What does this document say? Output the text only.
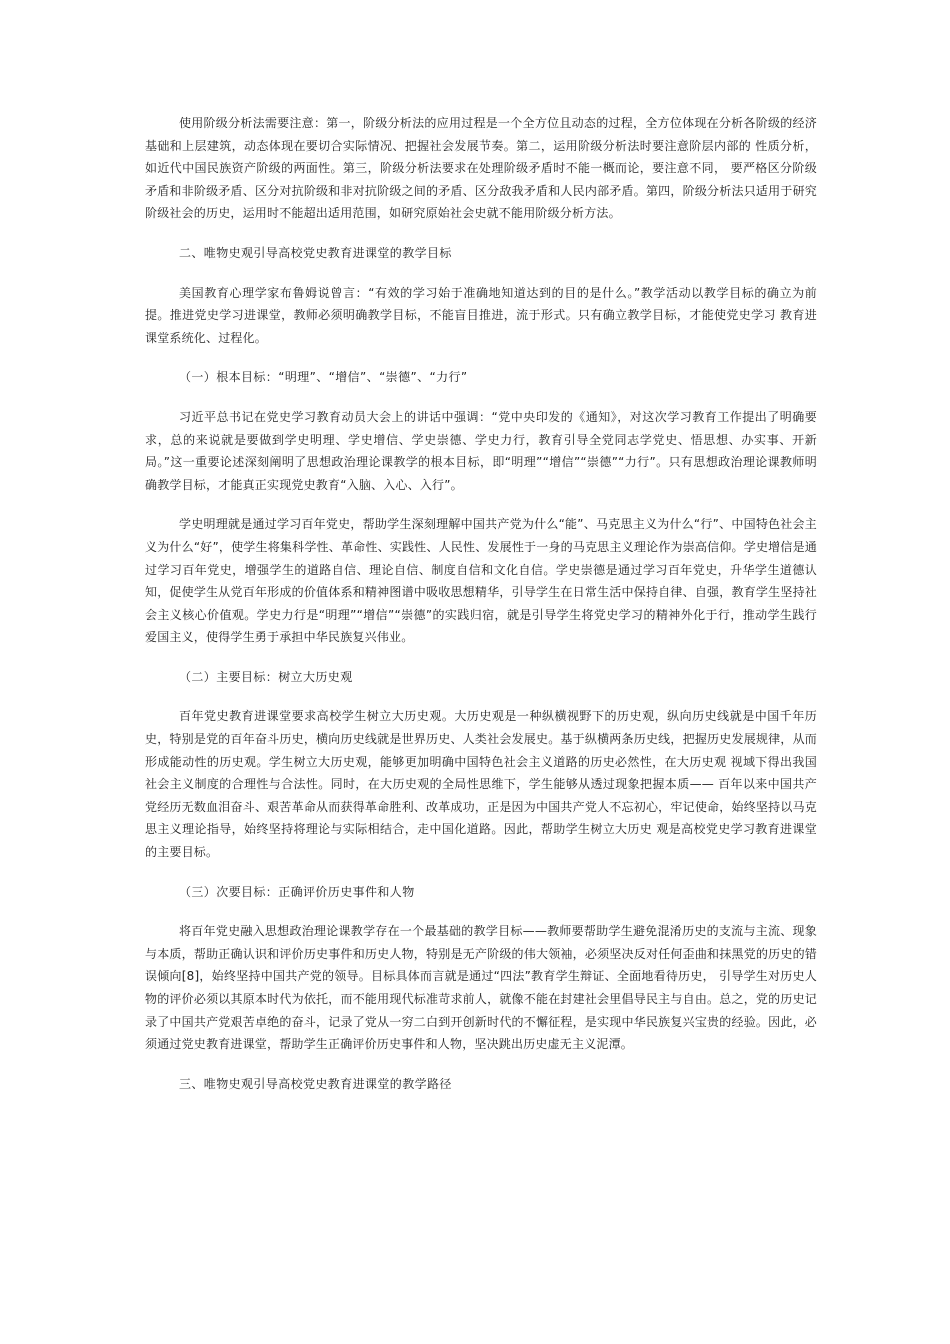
使用阶级分析法需要注意：第一，阶级分析法的应用过程是一个全方位且动态的过程，全方位体现在分析各阶级的经济基础和上层建筑，动态体现在要切合实际情况、把握社会发展节奏。第二，运用阶级分析法时要注意阶层内部的 性质分析，如近代中国民族资产阶级的两面性。第三，阶级分析法要求在处理阶级矛盾时不能一概而论，要注意不同， 要严格区分阶级矛盾和非阶级矛盾、区分对抗阶级和非对抗阶级之间的矛盾、区分敌我矛盾和人民内部矛盾。第四，阶级分析法只适用于研究阶级社会的历史，运用时不能超出适用范围，如研究原始社会史就不能用阶级分析方法。

二、唯物史观引导高校党史教育进课堂的教学目标

美国教育心理学家布鲁姆说曾言：“有效的学习始于准确地知道达到的目的是什么。”教学活动以教学目标的确立为前提。推进党史学习进课堂，教师必须明确教学目标，不能盲目推进，流于形式。只有确立教学目标，才能使党史学习 教育进课堂系统化、过程化。

（一）根本目标：“明理”、“增信”、“崇德”、“力行”

习近平总书记在党史学习教育动员大会上的讲话中强调：“党中央印发的《通知》，对这次学习教育工作提出了明确要求，总的来说就是要做到学史明理、学史增信、学史崇德、学史力行，教育引导全党同志学党史、悟思想、办实事、开新局。”这一重要论述深刻阐明了思想政治理论课教学的根本目标，即“明理”“增信”“崇德”“力行”。只有思想政治理论课教师明确教学目标，才能真正实现党史教育“入脑、入心、入行”。

学史明理就是通过学习百年党史，帮助学生深刻理解中国共产党为什么“能”、马克思主义为什么“行”、中国特色社会主义为什么“好”，使学生将集科学性、革命性、实践性、人民性、发展性于一身的马克思主义理论作为崇高信仰。学史增信是通过学习百年党史，增强学生的道路自信、理论自信、制度自信和文化自信。学史崇德是通过学习百年党史，升华学生道德认知，促使学生从党百年形成的价值体系和精神图谱中吸收思想精华，引导学生在日常生活中保持自律、自强，教育学生坚持社会主义核心价值观。学史力行是“明理”“增信”“崇德”的实践归宿，就是引导学生将党史学习的精神外化于行，推动学生践行爱国主义，使得学生勇于承担中华民族复兴伟业。

（二）主要目标：树立大历史观

百年党史教育进课堂要求高校学生树立大历史观。大历史观是一种纵横视野下的历史观，纵向历史线就是中国千年历史，特别是党的百年奋斗历史，横向历史线就是世界历史、人类社会发展史。基于纵横两条历史线，把握历史发展规律，从而形成能动性的历史观。学生树立大历史观，能够更加明确中国特色社会主义道路的历史必然性，在大历史观 视域下得出我国社会主义制度的合理性与合法性。同时，在大历史观的全局性思维下，学生能够从透过现象把握本质—— 百年以来中国共产党经历无数血泪奋斗、艰苦革命从而获得革命胜利、改革成功，正是因为中国共产党人不忘初心，牢记使命，始终坚持以马克思主义理论指导，始终坚持将理论与实际相结合，走中国化道路。因此，帮助学生树立大历史 观是高校党史学习教育进课堂的主要目标。

（三）次要目标：正确评价历史事件和人物

将百年党史融入思想政治理论课教学存在一个最基础的教学目标——教师要帮助学生避免混淆历史的支流与主流、现象与本质，帮助正确认识和评价历史事件和历史人物，特别是无产阶级的伟大领袖，必须坚决反对任何歪曲和抹黑党的历史的错误倾向[8]，始终坚持中国共产党的领导。目标具体而言就是通过“四法”教育学生辩证、全面地看待历史， 引导学生对历史人物的评价必须以其原本时代为依托，而不能用现代标准苛求前人，就像不能在封建社会里倡导民主与自由。总之，党的历史记录了中国共产党艰苦卓绝的奋斗，记录了党从一穷二白到开创新时代的不懈征程，是实现中华民族复兴宝贵的经验。因此，必须通过党史教育进课堂，帮助学生正确评价历史事件和人物，坚决跳出历史虚无主义泥潭。

三、唯物史观引导高校党史教育进课堂的教学路径
